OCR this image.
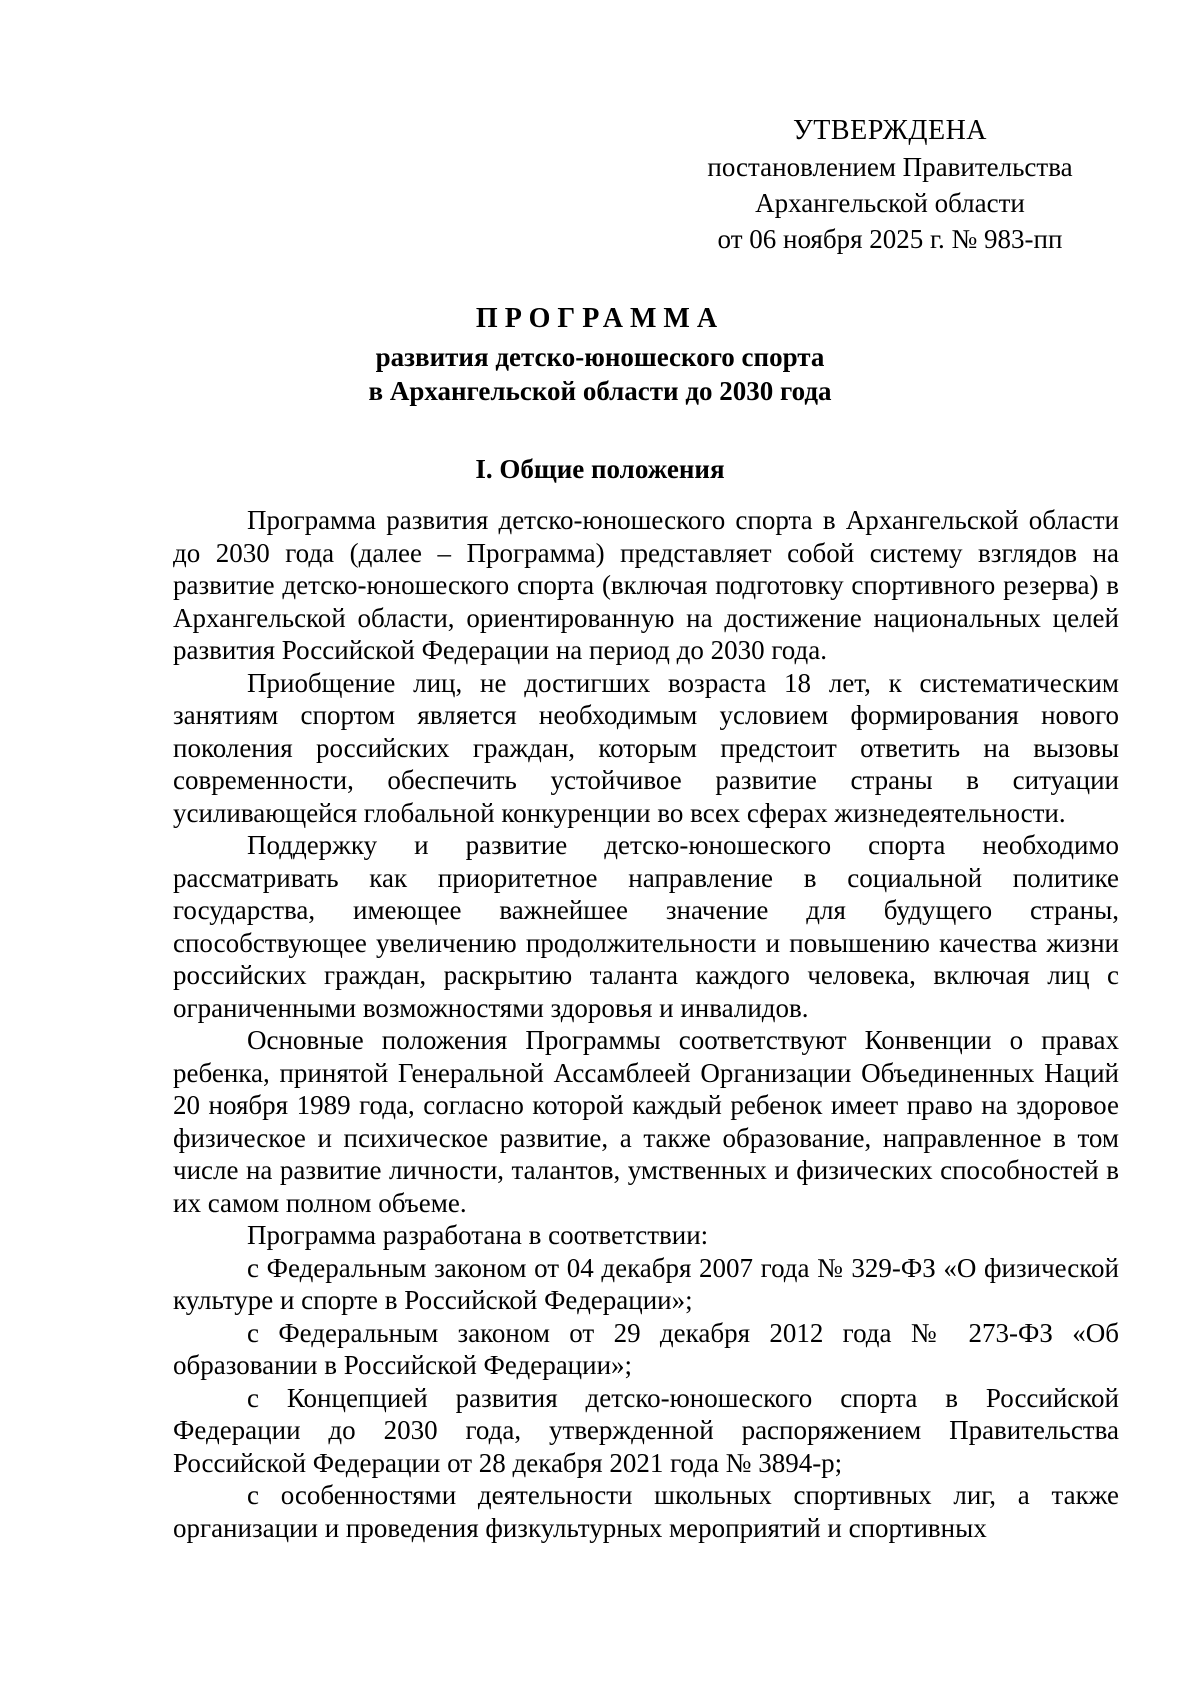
УТВЕРЖДЕНА
постановлением Правительства
Архангельской области
от 06 ноября 2025 г. № 983-пп
ПРОГРАММА
развития детско-юношеского спорта
в Архангельской области до 2030 года
I. Общие положения

Программа развития детско-юношеского спорта в Архангельской области до 2030 года (далее – Программа) представляет собой систему взглядов на развитие детско-юношеского спорта (включая подготовку спортивного резерва) в Архангельской области, ориентированную на достижение национальных целей развития Российской Федерации на период до 2030 года.

Приобщение лиц, не достигших возраста 18 лет, к систематическим занятиям спортом является необходимым условием формирования нового поколения российских граждан, которым предстоит ответить на вызовы современности, обеспечить устойчивое развитие страны в ситуации усиливающейся глобальной конкуренции во всех сферах жизнедеятельности.

Поддержку и развитие детско-юношеского спорта необходимо рассматривать как приоритетное направление в социальной политике государства, имеющее важнейшее значение для будущего страны, способствующее увеличению продолжительности и повышению качества жизни российских граждан, раскрытию таланта каждого человека, включая лиц с ограниченными возможностями здоровья и инвалидов.

Основные положения Программы соответствуют Конвенции о правах ребенка, принятой Генеральной Ассамблеей Организации Объединенных Наций 20 ноября 1989 года, согласно которой каждый ребенок имеет право на здоровое физическое и психическое развитие, а также образование, направленное в том числе на развитие личности, талантов, умственных и физических способностей в их самом полном объеме.

Программа разработана в соответствии:

с Федеральным законом от 04 декабря 2007 года № 329-ФЗ «О физической культуре и спорте в Российской Федерации»;

с Федеральным законом от 29 декабря 2012 года № 273-ФЗ «Об образовании в Российской Федерации»;

с Концепцией развития детско-юношеского спорта в Российской Федерации до 2030 года, утвержденной распоряжением Правительства Российской Федерации от 28 декабря 2021 года № 3894-р;

с особенностями деятельности школьных спортивных лиг, а также организации и проведения физкультурных мероприятий и спортивных
